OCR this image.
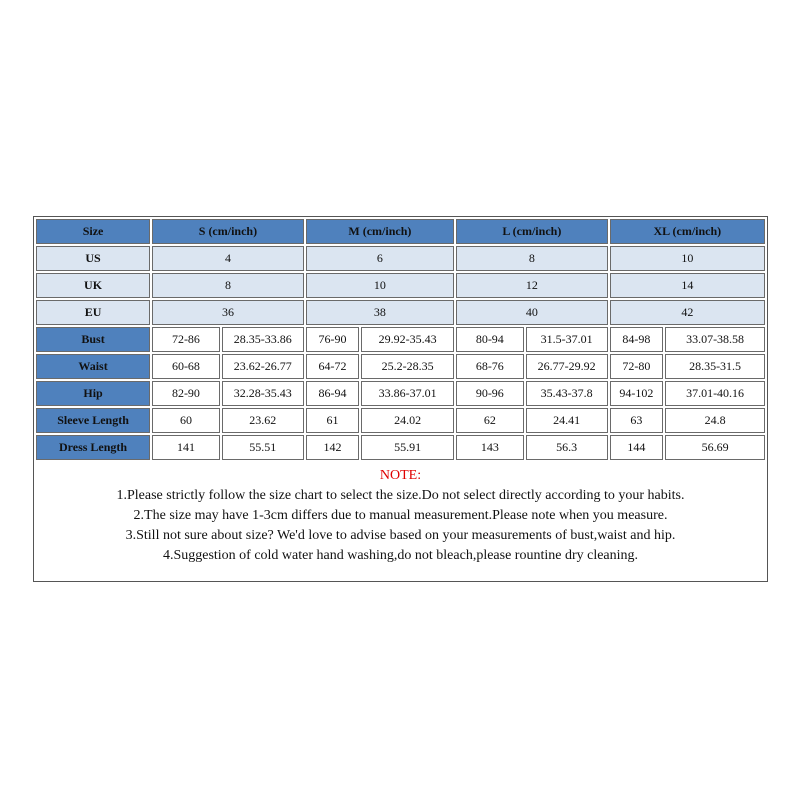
Size	S (cm/inch)		M (cm/inch)		L (cm/inch)		XL (cm/inch)	
US	4		6		8		10	
UK	8		10		12		14	
EU	36		38		40		42	
Bust	72-86	28.35-33.86	76-90	29.92-35.43	80-94	31.5-37.01	84-98	33.07-38.58
Waist	60-68	23.62-26.77	64-72	25.2-28.35	68-76	26.77-29.92	72-80	28.35-31.5
Hip	82-90	32.28-35.43	86-94	33.86-37.01	90-96	35.43-37.8	94-102	37.01-40.16
Sleeve Length	60	23.62	61	24.02	62	24.41	63	24.8
Dress Length	141	55.51	142	55.91	143	56.3	144	56.69
NOTE:
1.Please strictly follow the size chart to select the size.Do not select directly according to your habits.
2.The size may have 1-3cm differs due to manual measurement.Please note when you measure.
3.Still not sure about size? We'd love to advise based on your measurements of bust,waist and hip.
4.Suggestion of cold water hand washing,do not bleach,please rountine dry cleaning.
